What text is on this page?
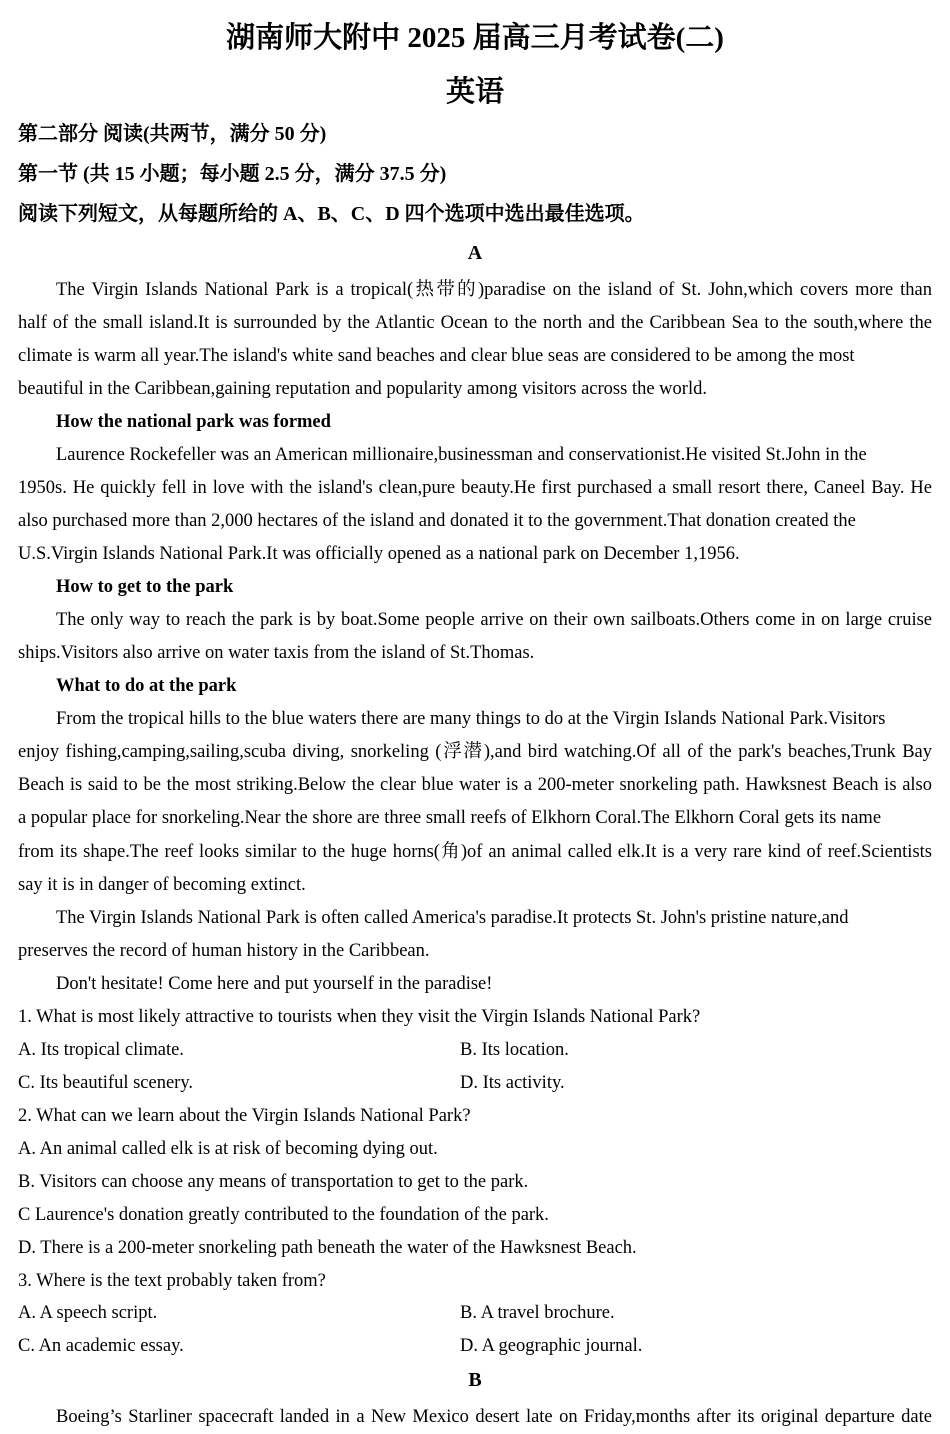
湖南师大附中 2025 届高三月考试卷(二)
英语
第二部分 阅读(共两节，满分 50 分)
第一节 (共 15 小题；每小题 2.5 分，满分 37.5 分)
阅读下列短文，从每题所给的 A、B、C、D 四个选项中选出最佳选项。
A
The Virgin Islands National Park is a tropical(热带的)paradise on the island of St. John,which covers more than
half of the small island.It is surrounded by the Atlantic Ocean to the north and the Caribbean Sea to the south,where the
climate is warm all year.The island's white sand beaches and clear blue seas are considered to be among the most
beautiful in the Caribbean,gaining reputation and popularity among visitors across the world.
How the national park was formed
Laurence Rockefeller was an American millionaire,businessman and conservationist.He visited St.John in the
1950s. He quickly fell in love with the island's clean,pure beauty.He first purchased a small resort there, Caneel Bay. He
also purchased more than 2,000 hectares of the island and donated it to the government.That donation created the
U.S.Virgin Islands National Park.It was officially opened as a national park on December 1,1956.
How to get to the park
The only way to reach the park is by boat.Some people arrive on their own sailboats.Others come in on large cruise
ships.Visitors also arrive on water taxis from the island of St.Thomas.
What to do at the park
From the tropical hills to the blue waters there are many things to do at the Virgin Islands National Park.Visitors
enjoy fishing,camping,sailing,scuba diving, snorkeling (浮潜),and bird watching.Of all of the park's beaches,Trunk Bay
Beach is said to be the most striking.Below the clear blue water is a 200-meter snorkeling path. Hawksnest Beach is also
a popular place for snorkeling.Near the shore are three small reefs of Elkhorn Coral.The Elkhorn Coral gets its name
from its shape.The reef looks similar to the huge horns(角)of an animal called elk.It is a very rare kind of reef.Scientists
say it is in danger of becoming extinct.
The Virgin Islands National Park is often called America's paradise.It protects St. John's pristine nature,and
preserves the record of human history in the Caribbean.
Don't hesitate! Come here and put yourself in the paradise!
1. What is most likely attractive to tourists when they visit the Virgin Islands National Park?
A. Its tropical climate.	B. Its location.
C. Its beautiful scenery.	D. Its activity.
2. What can we learn about the Virgin Islands National Park?
A. An animal called elk is at risk of becoming dying out.
B. Visitors can choose any means of transportation to get to the park.
C Laurence's donation greatly contributed to the foundation of the park.
D. There is a 200-meter snorkeling path beneath the water of the Hawksnest Beach.
3. Where is the text probably taken from?
A. A speech script.	B. A travel brochure.
C. An academic essay.	D. A geographic journal.
B
Boeing’s Starliner spacecraft landed in a New Mexico desert late on Friday,months after its original departure date
